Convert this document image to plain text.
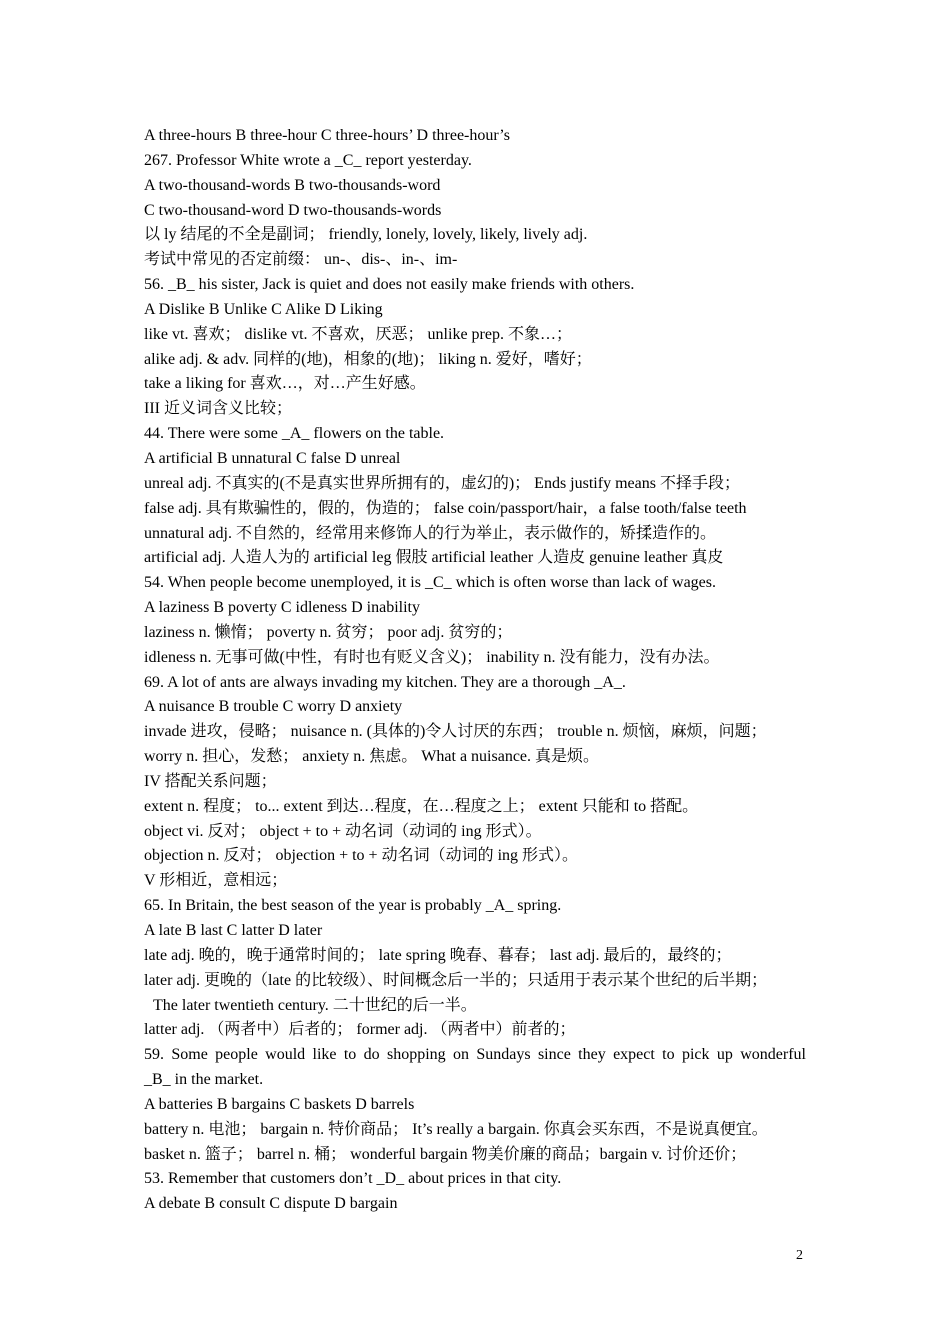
A three-hours B three-hour C three-hours’ D three-hour’s
267. Professor White wrote a _C_ report yesterday.
A two-thousand-words B two-thousands-word
C two-thousand-word D two-thousands-words
以 ly 结尾的不全是副词； friendly, lonely, lovely, likely, lively adj.
考试中常见的否定前缀： un-、dis-、in-、im-
56. _B_ his sister, Jack is quiet and does not easily make friends with others.
A Dislike B Unlike C Alike D Liking
like vt. 喜欢； dislike vt. 不喜欢，厌恶； unlike prep. 不象…；
alike adj. & adv. 同样的(地)，相象的(地)； liking n. 爱好，嗜好；
take a liking for 喜欢…，对…产生好感。
III 近义词含义比较；
44. There were some _A_ flowers on the table.
A artificial B unnatural C false D unreal
unreal adj. 不真实的(不是真实世界所拥有的，虚幻的)； Ends justify means 不择手段；
false adj. 具有欺骗性的，假的，伪造的； false coin/passport/hair，a false tooth/false teeth
unnatural adj. 不自然的，经常用来修饰人的行为举止，表示做作的，矫揉造作的。
artificial adj. 人造人为的 artificial leg 假肢 artificial leather 人造皮 genuine leather 真皮
54. When people become unemployed, it is _C_ which is often worse than lack of wages.
A laziness B poverty C idleness D inability
laziness n. 懒惰； poverty n. 贫穷； poor adj. 贫穷的；
idleness n. 无事可做(中性，有时也有贬义含义)； inability n. 没有能力，没有办法。
69. A lot of ants are always invading my kitchen. They are a thorough _A_.
A nuisance B trouble C worry D anxiety
invade 进攻，侵略； nuisance n. (具体的)令人讨厌的东西； trouble n. 烦恼，麻烦，问题；
worry n. 担心，发愁； anxiety n. 焦虑。 What a nuisance. 真是烦。
IV 搭配关系问题；
extent n. 程度； to... extent 到达…程度，在…程度之上； extent 只能和 to 搭配。
object vi. 反对； object + to + 动名词（动词的 ing 形式）。
objection n. 反对； objection + to + 动名词（动词的 ing 形式）。
V 形相近，意相远；
65. In Britain, the best season of the year is probably _A_ spring.
A late B last C latter D later
late adj. 晚的，晚于通常时间的； late spring 晚春、暮春； last adj. 最后的，最终的；
later adj. 更晚的（late 的比较级）、时间概念后一半的；只适用于表示某个世纪的后半期；
The later twentieth century. 二十世纪的后一半。
latter adj. （两者中）后者的； former adj. （两者中）前者的；
59. Some people would like to do shopping on Sundays since they expect to pick up wonderful
_B_ in the market.
A batteries B bargains C baskets D barrels
battery n. 电池； bargain n. 特价商品； It’s really a bargain. 你真会买东西，不是说真便宜。
basket n. 篮子； barrel n. 桶； wonderful bargain 物美价廉的商品；bargain v. 讨价还价；
53. Remember that customers don’t _D_ about prices in that city.
A debate B consult C dispute D bargain
2
